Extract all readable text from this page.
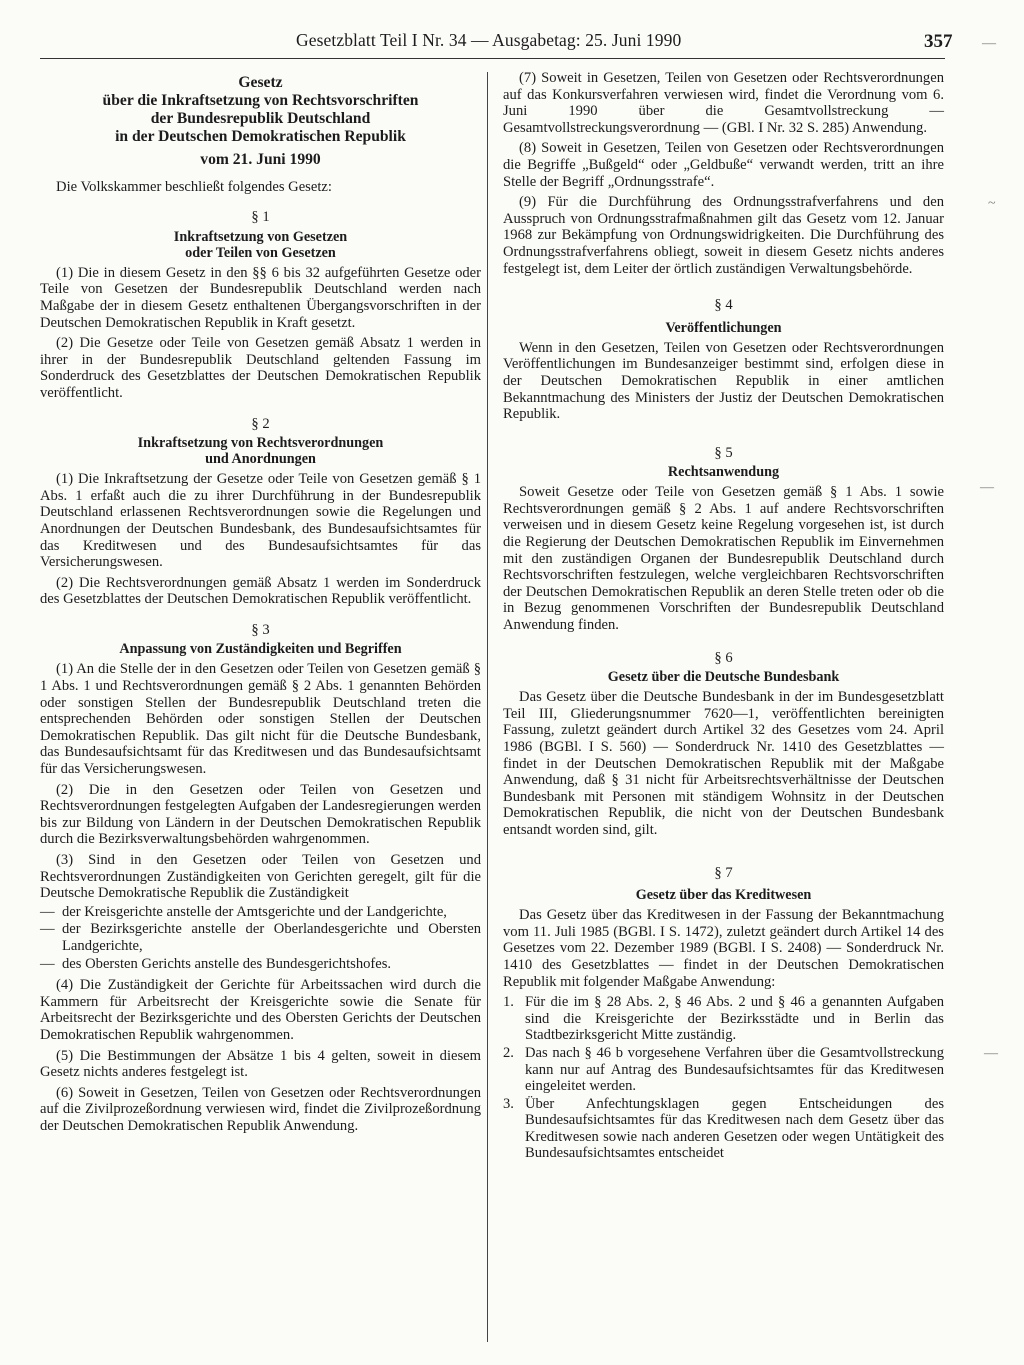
Gesetzblatt Teil I Nr. 34 — Ausgabetag: 25. Juni 1990	357
Gesetz
über die Inkraftsetzung von Rechtsvorschriften
der Bundesrepublik Deutschland
in der Deutschen Demokratischen Republik
vom 21. Juni 1990

Die Volkskammer beschließt folgendes Gesetz:

§ 1
Inkraftsetzung von Gesetzen
oder Teilen von Gesetzen

(1) Die in diesem Gesetz in den §§ 6 bis 32 aufgeführten Gesetze oder Teile von Gesetzen der Bundesrepublik Deutschland werden nach Maßgabe der in diesem Gesetz enthaltenen Übergangsvorschriften in der Deutschen Demokratischen Republik in Kraft gesetzt.

(2) Die Gesetze oder Teile von Gesetzen gemäß Absatz 1 werden in ihrer in der Bundesrepublik Deutschland geltenden Fassung im Sonderdruck des Gesetzblattes der Deutschen Demokratischen Republik veröffentlicht.

§ 2
Inkraftsetzung von Rechtsverordnungen
und Anordnungen

(1) Die Inkraftsetzung der Gesetze oder Teile von Gesetzen gemäß § 1 Abs. 1 erfaßt auch die zu ihrer Durchführung in der Bundesrepublik Deutschland erlassenen Rechtsverordnungen sowie die Regelungen und Anordnungen der Deutschen Bundesbank, des Bundesaufsichtsamtes für das Kreditwesen und des Bundesaufsichtsamtes für das Versicherungswesen.

(2) Die Rechtsverordnungen gemäß Absatz 1 werden im Sonderdruck des Gesetzblattes der Deutschen Demokratischen Republik veröffentlicht.

§ 3
Anpassung von Zuständigkeiten und Begriffen

(1) An die Stelle der in den Gesetzen oder Teilen von Gesetzen gemäß § 1 Abs. 1 und Rechtsverordnungen gemäß § 2 Abs. 1 genannten Behörden oder sonstigen Stellen der Bundesrepublik Deutschland treten die entsprechenden Behörden oder sonstigen Stellen der Deutschen Demokratischen Republik. Das gilt nicht für die Deutsche Bundesbank, das Bundesaufsichtsamt für das Kreditwesen und das Bundesaufsichtsamt für das Versicherungswesen.

(2) Die in den Gesetzen oder Teilen von Gesetzen und Rechtsverordnungen festgelegten Aufgaben der Landesregierungen werden bis zur Bildung von Ländern in der Deutschen Demokratischen Republik durch die Bezirksverwaltungsbehörden wahrgenommen.

(3) Sind in den Gesetzen oder Teilen von Gesetzen und Rechtsverordnungen Zuständigkeiten von Gerichten geregelt, gilt für die Deutsche Demokratische Republik die Zuständigkeit

— der Kreisgerichte anstelle der Amtsgerichte und der Landgerichte,
— der Bezirksgerichte anstelle der Oberlandesgerichte und Obersten Landgerichte,
— des Obersten Gerichts anstelle des Bundesgerichtshofes.

(4) Die Zuständigkeit der Gerichte für Arbeitssachen wird durch die Kammern für Arbeitsrecht der Kreisgerichte sowie die Senate für Arbeitsrecht der Bezirksgerichte und des Obersten Gerichts der Deutschen Demokratischen Republik wahrgenommen.

(5) Die Bestimmungen der Absätze 1 bis 4 gelten, soweit in diesem Gesetz nichts anderes festgelegt ist.

(6) Soweit in Gesetzen, Teilen von Gesetzen oder Rechtsverordnungen auf die Zivilprozeßordnung verwiesen wird, findet die Zivilprozeßordnung der Deutschen Demokratischen Republik Anwendung.

(7) Soweit in Gesetzen, Teilen von Gesetzen oder Rechtsverordnungen auf das Konkursverfahren verwiesen wird, findet die Verordnung vom 6. Juni 1990 über die Gesamtvollstreckung — Gesamtvollstreckungsverordnung — (GBl. I Nr. 32 S. 285) Anwendung.

(8) Soweit in Gesetzen, Teilen von Gesetzen oder Rechtsverordnungen die Begriffe „Bußgeld“ oder „Geldbuße“ verwandt werden, tritt an ihre Stelle der Begriff „Ordnungsstrafe“.

(9) Für die Durchführung des Ordnungsstrafverfahrens und den Ausspruch von Ordnungsstrafmaßnahmen gilt das Gesetz vom 12. Januar 1968 zur Bekämpfung von Ordnungswidrigkeiten. Die Durchführung des Ordnungsstrafverfahrens obliegt, soweit in diesem Gesetz nichts anderes festgelegt ist, dem Leiter der örtlich zuständigen Verwaltungsbehörde.

§ 4
Veröffentlichungen

Wenn in den Gesetzen, Teilen von Gesetzen oder Rechtsverordnungen Veröffentlichungen im Bundesanzeiger bestimmt sind, erfolgen diese in der Deutschen Demokratischen Republik in einer amtlichen Bekanntmachung des Ministers der Justiz der Deutschen Demokratischen Republik.

§ 5
Rechtsanwendung

Soweit Gesetze oder Teile von Gesetzen gemäß § 1 Abs. 1 sowie Rechtsverordnungen gemäß § 2 Abs. 1 auf andere Rechtsvorschriften verweisen und in diesem Gesetz keine Regelung vorgesehen ist, ist durch die Regierung der Deutschen Demokratischen Republik im Einvernehmen mit den zuständigen Organen der Bundesrepublik Deutschland durch Rechtsvorschriften festzulegen, welche vergleichbaren Rechtsvorschriften der Deutschen Demokratischen Republik an deren Stelle treten oder ob die in Bezug genommenen Vorschriften der Bundesrepublik Deutschland Anwendung finden.

§ 6
Gesetz über die Deutsche Bundesbank

Das Gesetz über die Deutsche Bundesbank in der im Bundesgesetzblatt Teil III, Gliederungsnummer 7620—1, veröffentlichten bereinigten Fassung, zuletzt geändert durch Artikel 32 des Gesetzes vom 24. April 1986 (BGBl. I S. 560) — Sonderdruck Nr. 1410 des Gesetzblattes — findet in der Deutschen Demokratischen Republik mit der Maßgabe Anwendung, daß § 31 nicht für Arbeitsrechtsverhältnisse der Deutschen Bundesbank mit Personen mit ständigem Wohnsitz in der Deutschen Demokratischen Republik, die nicht von der Deutschen Bundesbank entsandt worden sind, gilt.

§ 7
Gesetz über das Kreditwesen

Das Gesetz über das Kreditwesen in der Fassung der Bekanntmachung vom 11. Juli 1985 (BGBl. I S. 1472), zuletzt geändert durch Artikel 14 des Gesetzes vom 22. Dezember 1989 (BGBl. I S. 2408) — Sonderdruck Nr. 1410 des Gesetzblattes — findet in der Deutschen Demokratischen Republik mit folgender Maßgabe Anwendung:

1. Für die im § 28 Abs. 2, § 46 Abs. 2 und § 46 a genannten Aufgaben sind die Kreisgerichte der Bezirksstädte und in Berlin das Stadtbezirksgericht Mitte zuständig.
2. Das nach § 46 b vorgesehene Verfahren über die Gesamtvollstreckung kann nur auf Antrag des Bundesaufsichtsamtes für das Kreditwesen eingeleitet werden.
3. Über Anfechtungsklagen gegen Entscheidungen des Bundesaufsichtsamtes für das Kreditwesen nach dem Gesetz über das Kreditwesen sowie nach anderen Gesetzen oder wegen Untätigkeit des Bundesaufsichtsamtes entscheidet
—
~
—
—
